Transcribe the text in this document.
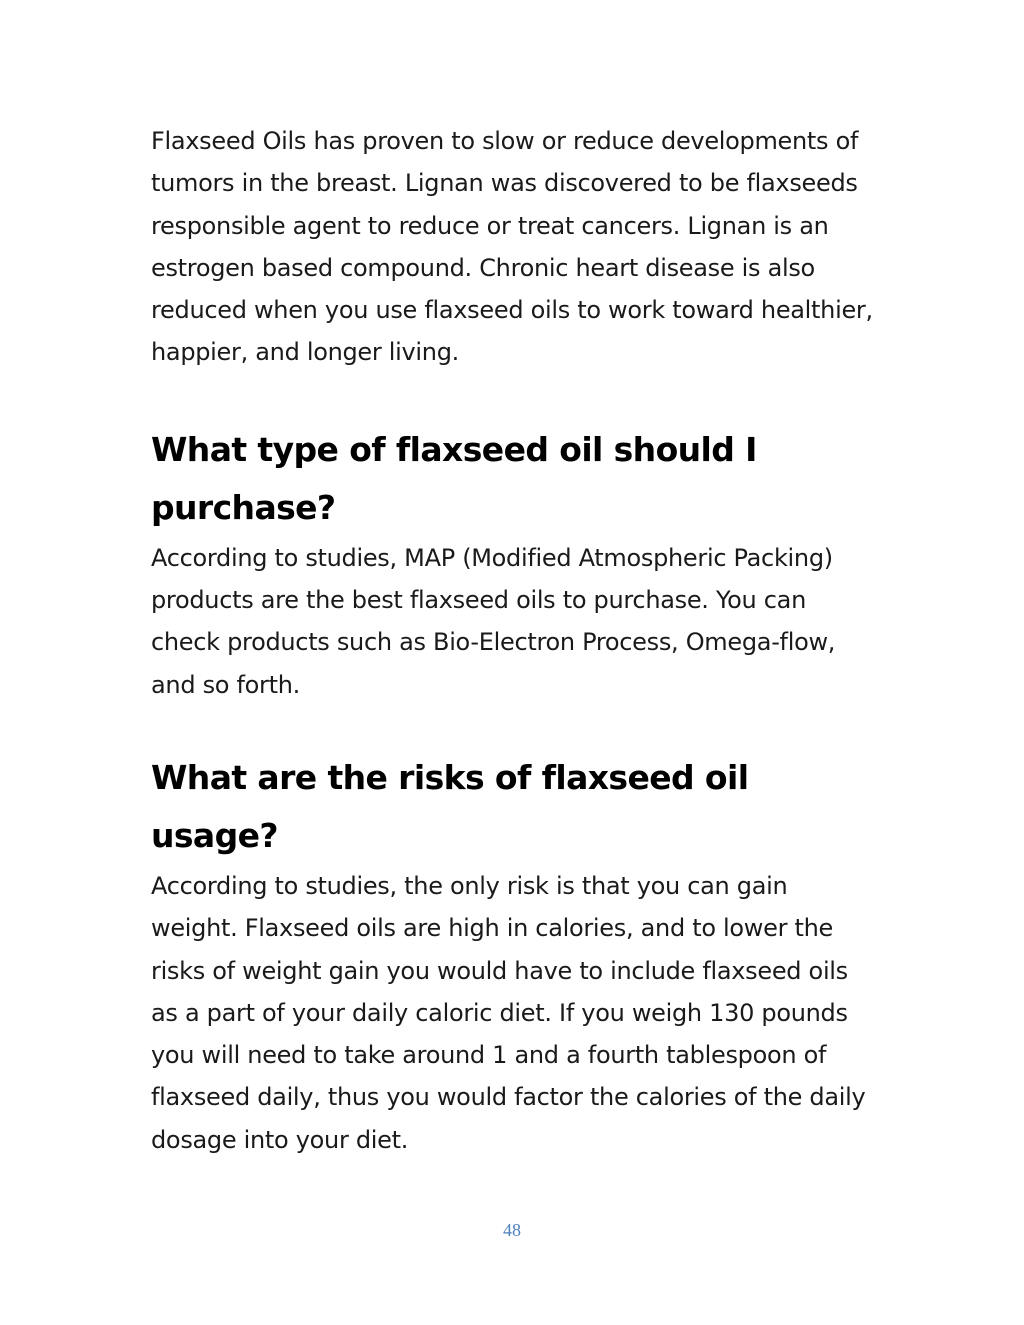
Flaxseed Oils has proven to slow or reduce developments of tumors in the breast. Lignan was discovered to be flaxseeds responsible agent to reduce or treat cancers. Lignan is an estrogen based compound. Chronic heart disease is also reduced when you use flaxseed oils to work toward healthier, happier, and longer living.

What type of flaxseed oil should I purchase?

According to studies, MAP (Modified Atmospheric Packing) products are the best flaxseed oils to purchase. You can check products such as Bio-Electron Process, Omega-flow, and so forth.

What are the risks of flaxseed oil usage?

According to studies, the only risk is that you can gain weight. Flaxseed oils are high in calories, and to lower the risks of weight gain you would have to include flaxseed oils as a part of your daily caloric diet. If you weigh 130 pounds you will need to take around 1 and a fourth tablespoon of flaxseed daily, thus you would factor the calories of the daily dosage into your diet.

48
